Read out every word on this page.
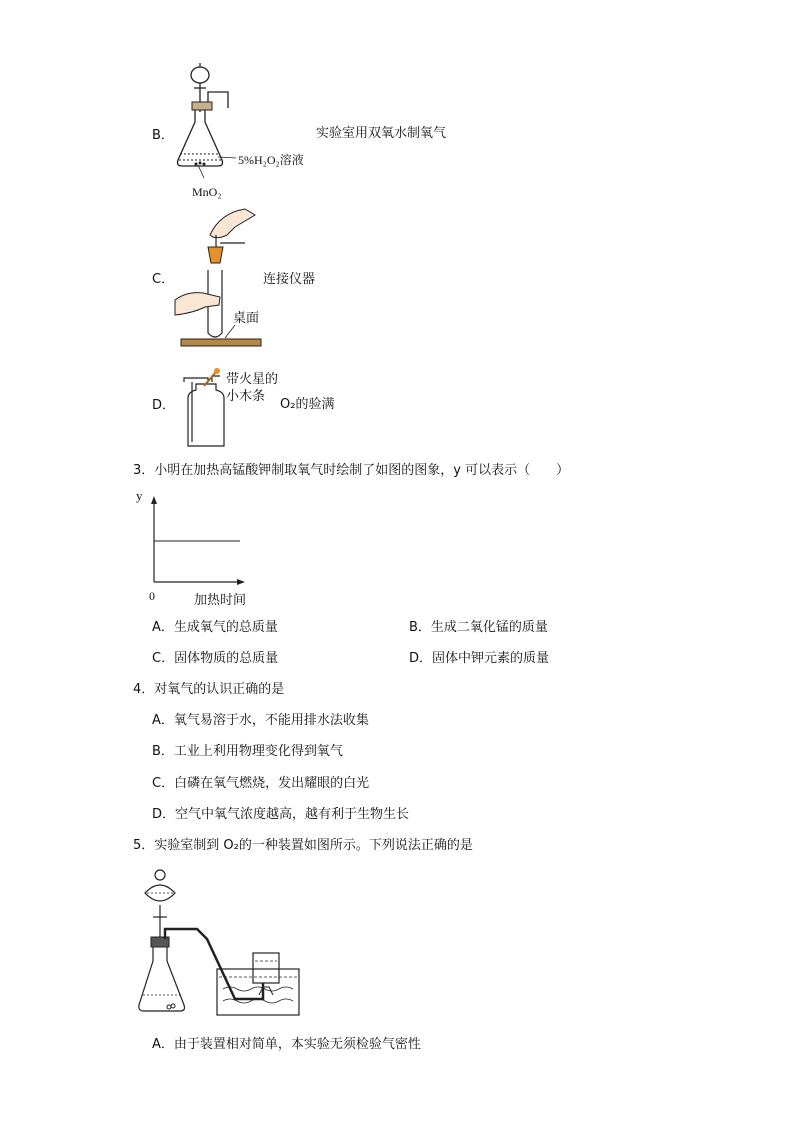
B．
5%H₂O₂溶液
MnO₂
实验室用双氧水制氧气
C．
桌面
连接仪器
D．
带火星的
小木条
O₂的验满
3．小明在加热高锰酸钾制取氧气时绘制了如图的图象，y 可以表示（　　）
y
0	加热时间
A．生成氧气的总质量	B．生成二氧化锰的质量
C．固体物质的总质量	D．固体中钾元素的质量
4．对氧气的认识正确的是
A．氧气易溶于水，不能用排水法收集
B．工业上利用物理变化得到氧气
C．白磷在氧气燃烧，发出耀眼的白光
D．空气中氧气浓度越高，越有利于生物生长
5．实验室制到 O₂的一种装置如图所示。下列说法正确的是
A．由于装置相对简单，本实验无须检验气密性
